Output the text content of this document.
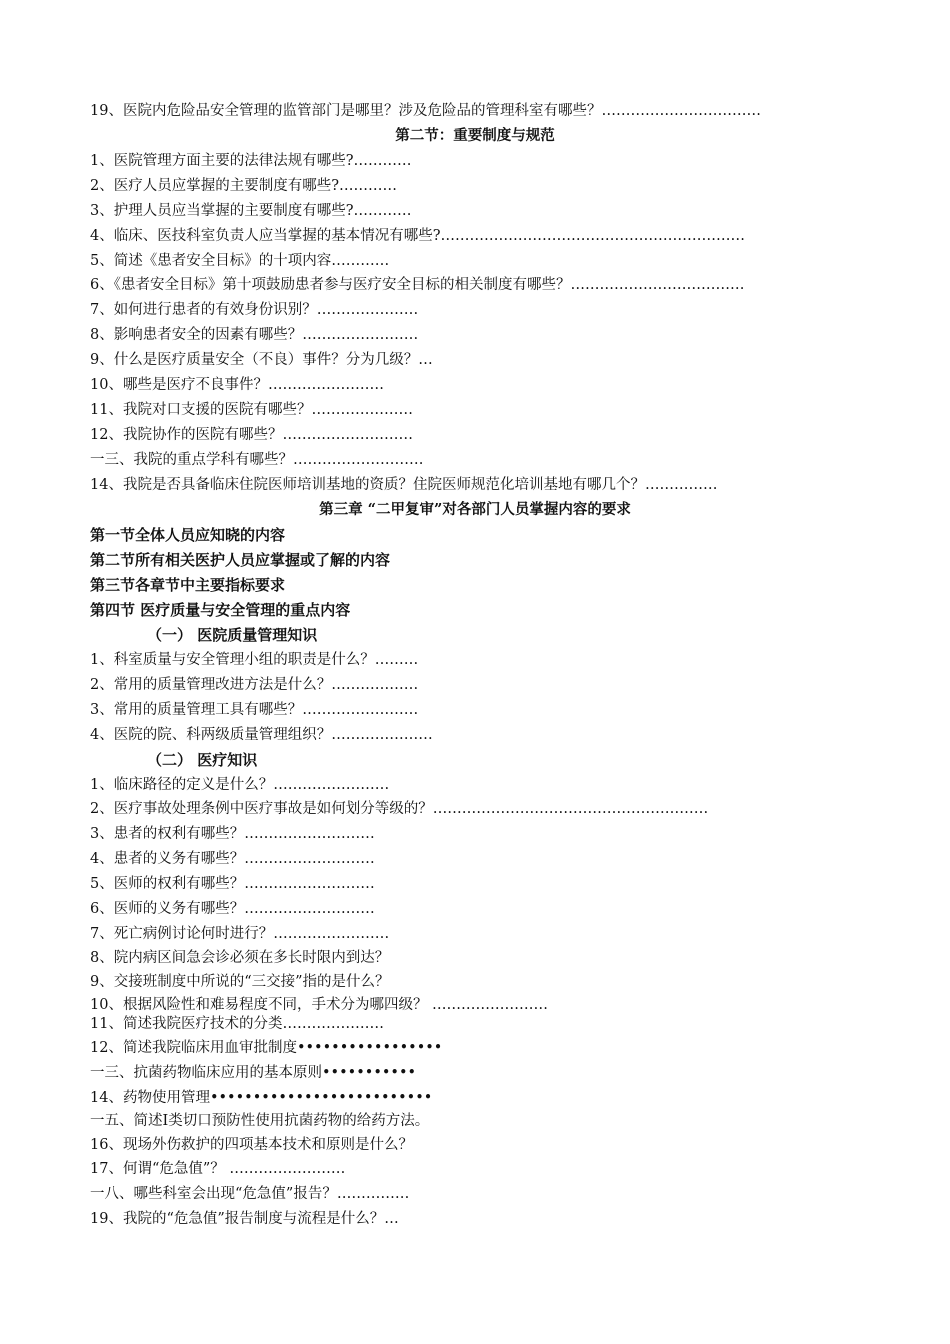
19、医院内危险品安全管理的监管部门是哪里？涉及危险品的管理科室有哪些？……………………………
第二节：重要制度与规范
1、医院管理方面主要的法律法规有哪些?…………
2、医疗人员应掌握的主要制度有哪些?…………
3、护理人员应当掌握的主要制度有哪些?…………
4、临床、医技科室负责人应当掌握的基本情况有哪些?………………………………………………………
5、简述《患者安全目标》的十项内容…………
6、《患者安全目标》第十项鼓励患者参与医疗安全目标的相关制度有哪些？………………………………
7、如何进行患者的有效身份识别？…………………
8、影响患者安全的因素有哪些？……………………
9、什么是医疗质量安全（不良）事件？分为几级？…
10、哪些是医疗不良事件？……………………
11、我院对口支援的医院有哪些？…………………
12、我院协作的医院有哪些？………………………
一三、我院的重点学科有哪些？………………………
14、我院是否具备临床住院医师培训基地的资质？住院医师规范化培训基地有哪几个？……………
第三章 “二甲复审”对各部门人员掌握内容的要求
第一节全体人员应知晓的内容
第二节所有相关医护人员应掌握或了解的内容
第三节各章节中主要指标要求
第四节 医疗质量与安全管理的重点内容
（一） 医院质量管理知识
1、科室质量与安全管理小组的职责是什么？………
2、常用的质量管理改进方法是什么？………………
3、常用的质量管理工具有哪些？……………………
4、医院的院、科两级质量管理组织？…………………
（二） 医疗知识
1、临床路径的定义是什么？……………………
2、医疗事故处理条例中医疗事故是如何划分等级的？…………………………………………………
3、患者的权利有哪些？………………………
4、患者的义务有哪些？………………………
5、医师的权利有哪些？………………………
6、医师的义务有哪些？………………………
7、死亡病例讨论何时进行？……………………
8、院内病区间急会诊必须在多长时限内到达？
9、交接班制度中所说的“三交接”指的是什么？
10、根据风险性和难易程度不同，手术分为哪四级？ ……………………
11、简述我院医疗技术的分类…………………
12、简述我院临床用血审批制度•••••••••••••••••
一三、抗菌药物临床应用的基本原则•••••••••••
14、药物使用管理••••••••••••••••••••••••••
一五、简述Ⅰ类切口预防性使用抗菌药物的给药方法。
16、现场外伤救护的四项基本技术和原则是什么？
17、何谓“危急值”？ ……………………
一八、哪些科室会出现“危急值”报告？……………
19、我院的“危急值”报告制度与流程是什么？…
